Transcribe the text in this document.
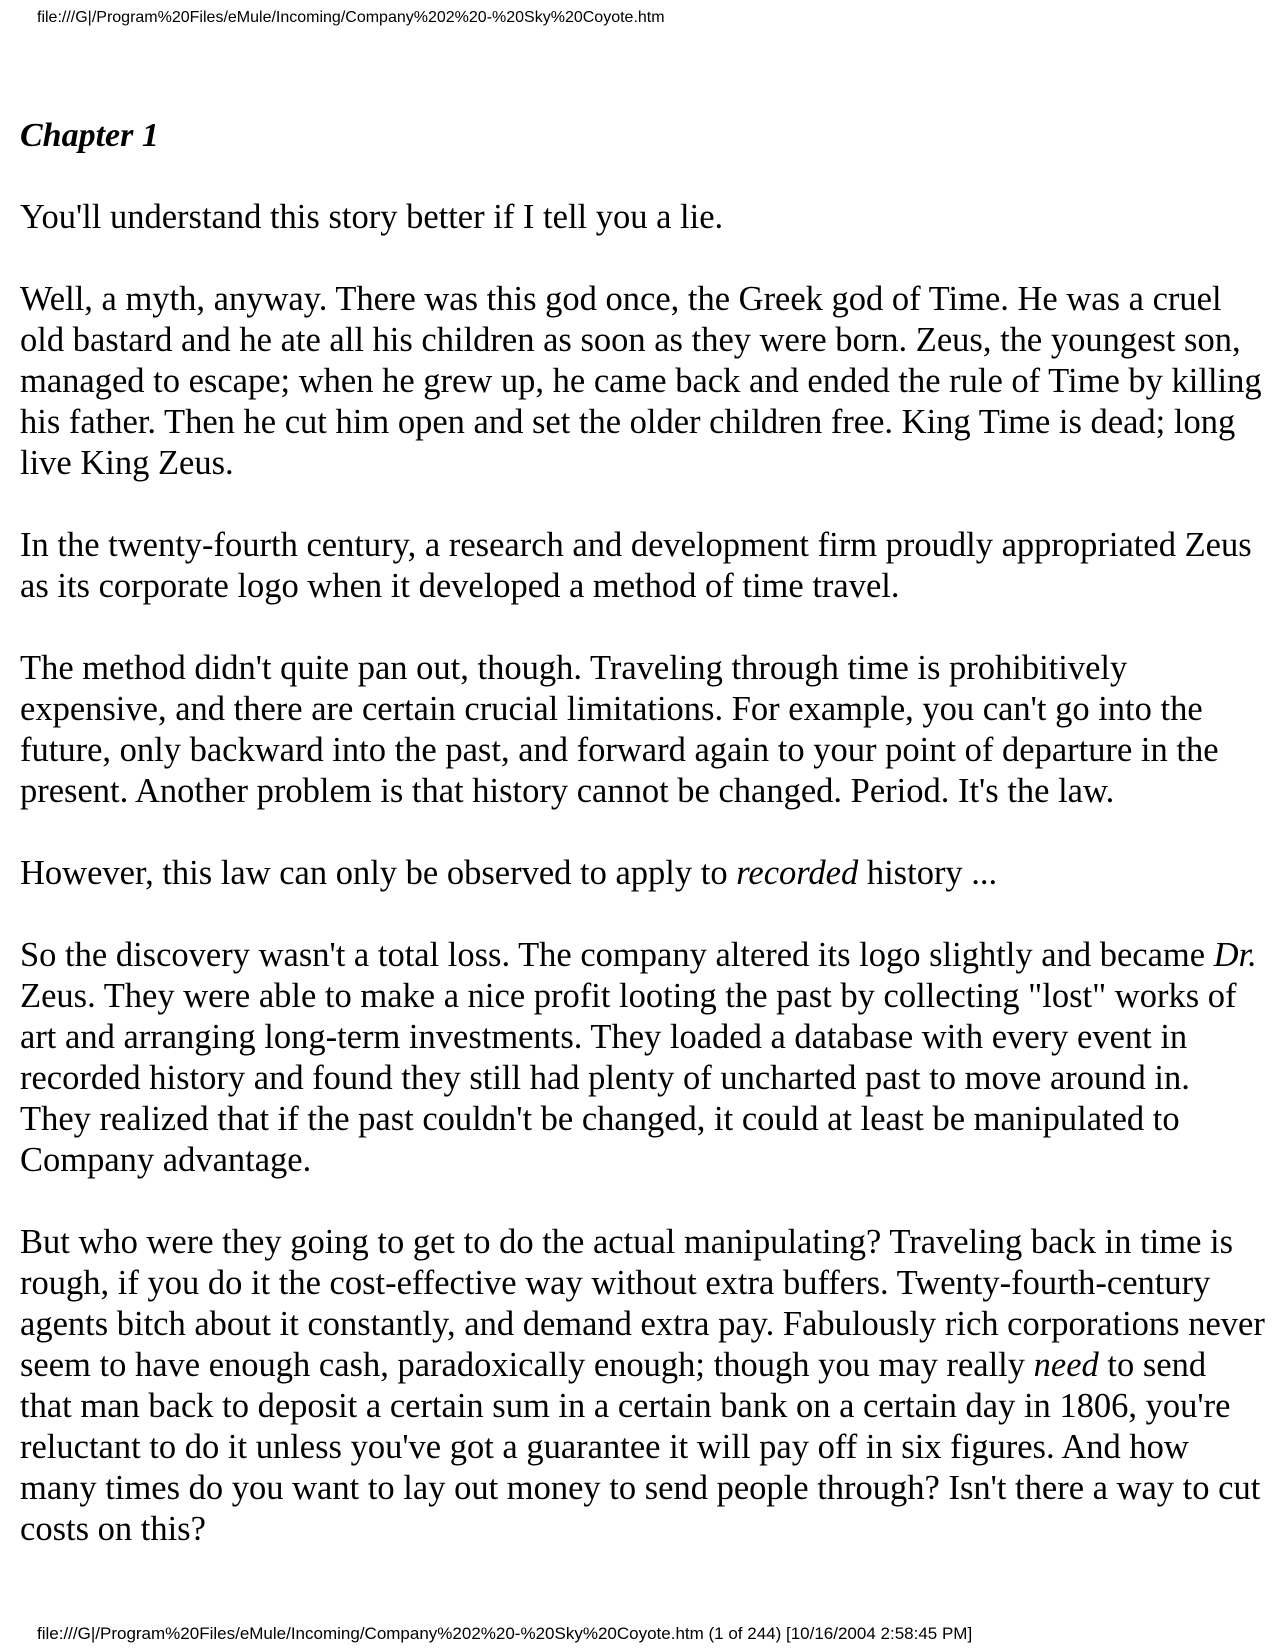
file:///G|/Program%20Files/eMule/Incoming/Company%202%20-%20Sky%20Coyote.htm
Chapter 1

You'll understand this story better if I tell you a lie.

Well, a myth, anyway. There was this god once, the Greek god of Time. He was a cruel old bastard and he ate all his children as soon as they were born. Zeus, the youngest son, managed to escape; when he grew up, he came back and ended the rule of Time by killing his father. Then he cut him open and set the older children free. King Time is dead; long live King Zeus.

In the twenty-fourth century, a research and development firm proudly appropriated Zeus as its corporate logo when it developed a method of time travel.

The method didn't quite pan out, though. Traveling through time is prohibitively expensive, and there are certain crucial limitations. For example, you can't go into the future, only backward into the past, and forward again to your point of departure in the present. Another problem is that history cannot be changed. Period. It's the law.

However, this law can only be observed to apply to recorded history ...

So the discovery wasn't a total loss. The company altered its logo slightly and became Dr. Zeus. They were able to make a nice profit looting the past by collecting "lost" works of art and arranging long-term investments. They loaded a database with every event in recorded history and found they still had plenty of uncharted past to move around in. They realized that if the past couldn't be changed, it could at least be manipulated to Company advantage.

But who were they going to get to do the actual manipulating? Traveling back in time is rough, if you do it the cost-effective way without extra buffers. Twenty-fourth-century agents bitch about it constantly, and demand extra pay. Fabulously rich corporations never seem to have enough cash, paradoxically enough; though you may really need to send that man back to deposit a certain sum in a certain bank on a certain day in 1806, you're reluctant to do it unless you've got a guarantee it will pay off in six figures. And how many times do you want to lay out money to send people through? Isn't there a way to cut costs on this?

file:///G|/Program%20Files/eMule/Incoming/Company%202%20-%20Sky%20Coyote.htm (1 of 244) [10/16/2004 2:58:45 PM]
